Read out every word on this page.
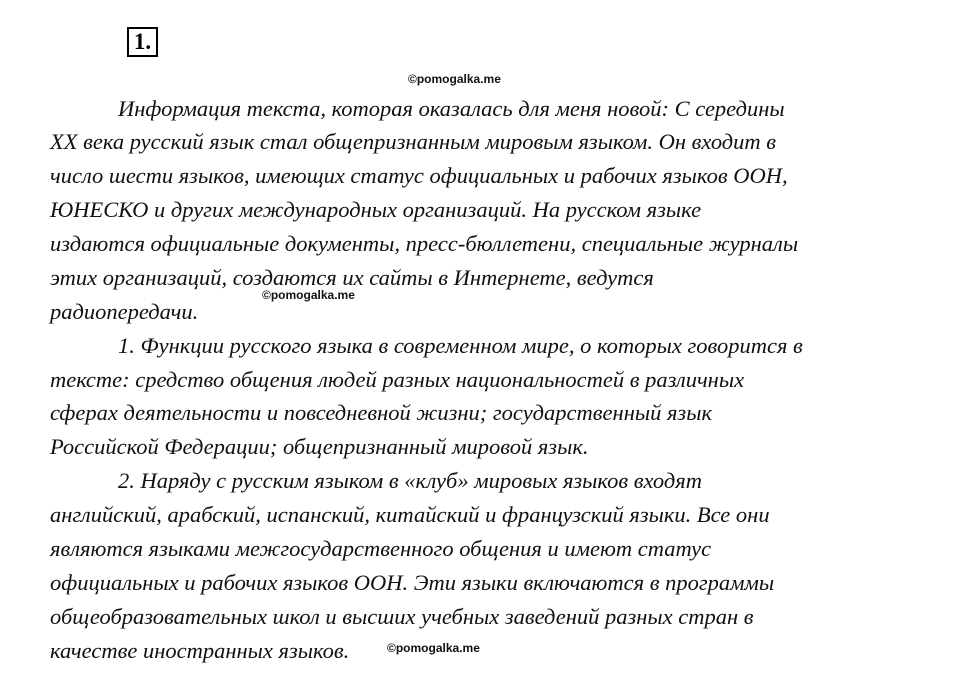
1.
©pomogalka.me
Информация текста, которая оказалась для меня новой: С середины
XX века русский язык стал общепризнанным мировым языком. Он входит в
число шести языков, имеющих статус официальных и рабочих языков ООН,
ЮНЕСКО и других международных организаций. На русском языке
издаются официальные документы, пресс-бюллетени, специальные журналы
этих организаций, создаются их сайты в Интернете, ведутся
©pomogalka.me
радиопередачи.
1. Функции русского языка в современном мире, о которых говорится в
тексте: средство общения людей разных национальностей в различных
сферах деятельности и повседневной жизни; государственный язык
Российской Федерации; общепризнанный мировой язык.
2. Наряду с русским языком в «клуб» мировых языков входят
английский, арабский, испанский, китайский и французский языки. Все они
являются языками межгосударственного общения и имеют статус
официальных и рабочих языков ООН. Эти языки включаются в программы
общеобразовательных школ и высших учебных заведений разных стран в
качестве иностранных языков.	©pomogalka.me
